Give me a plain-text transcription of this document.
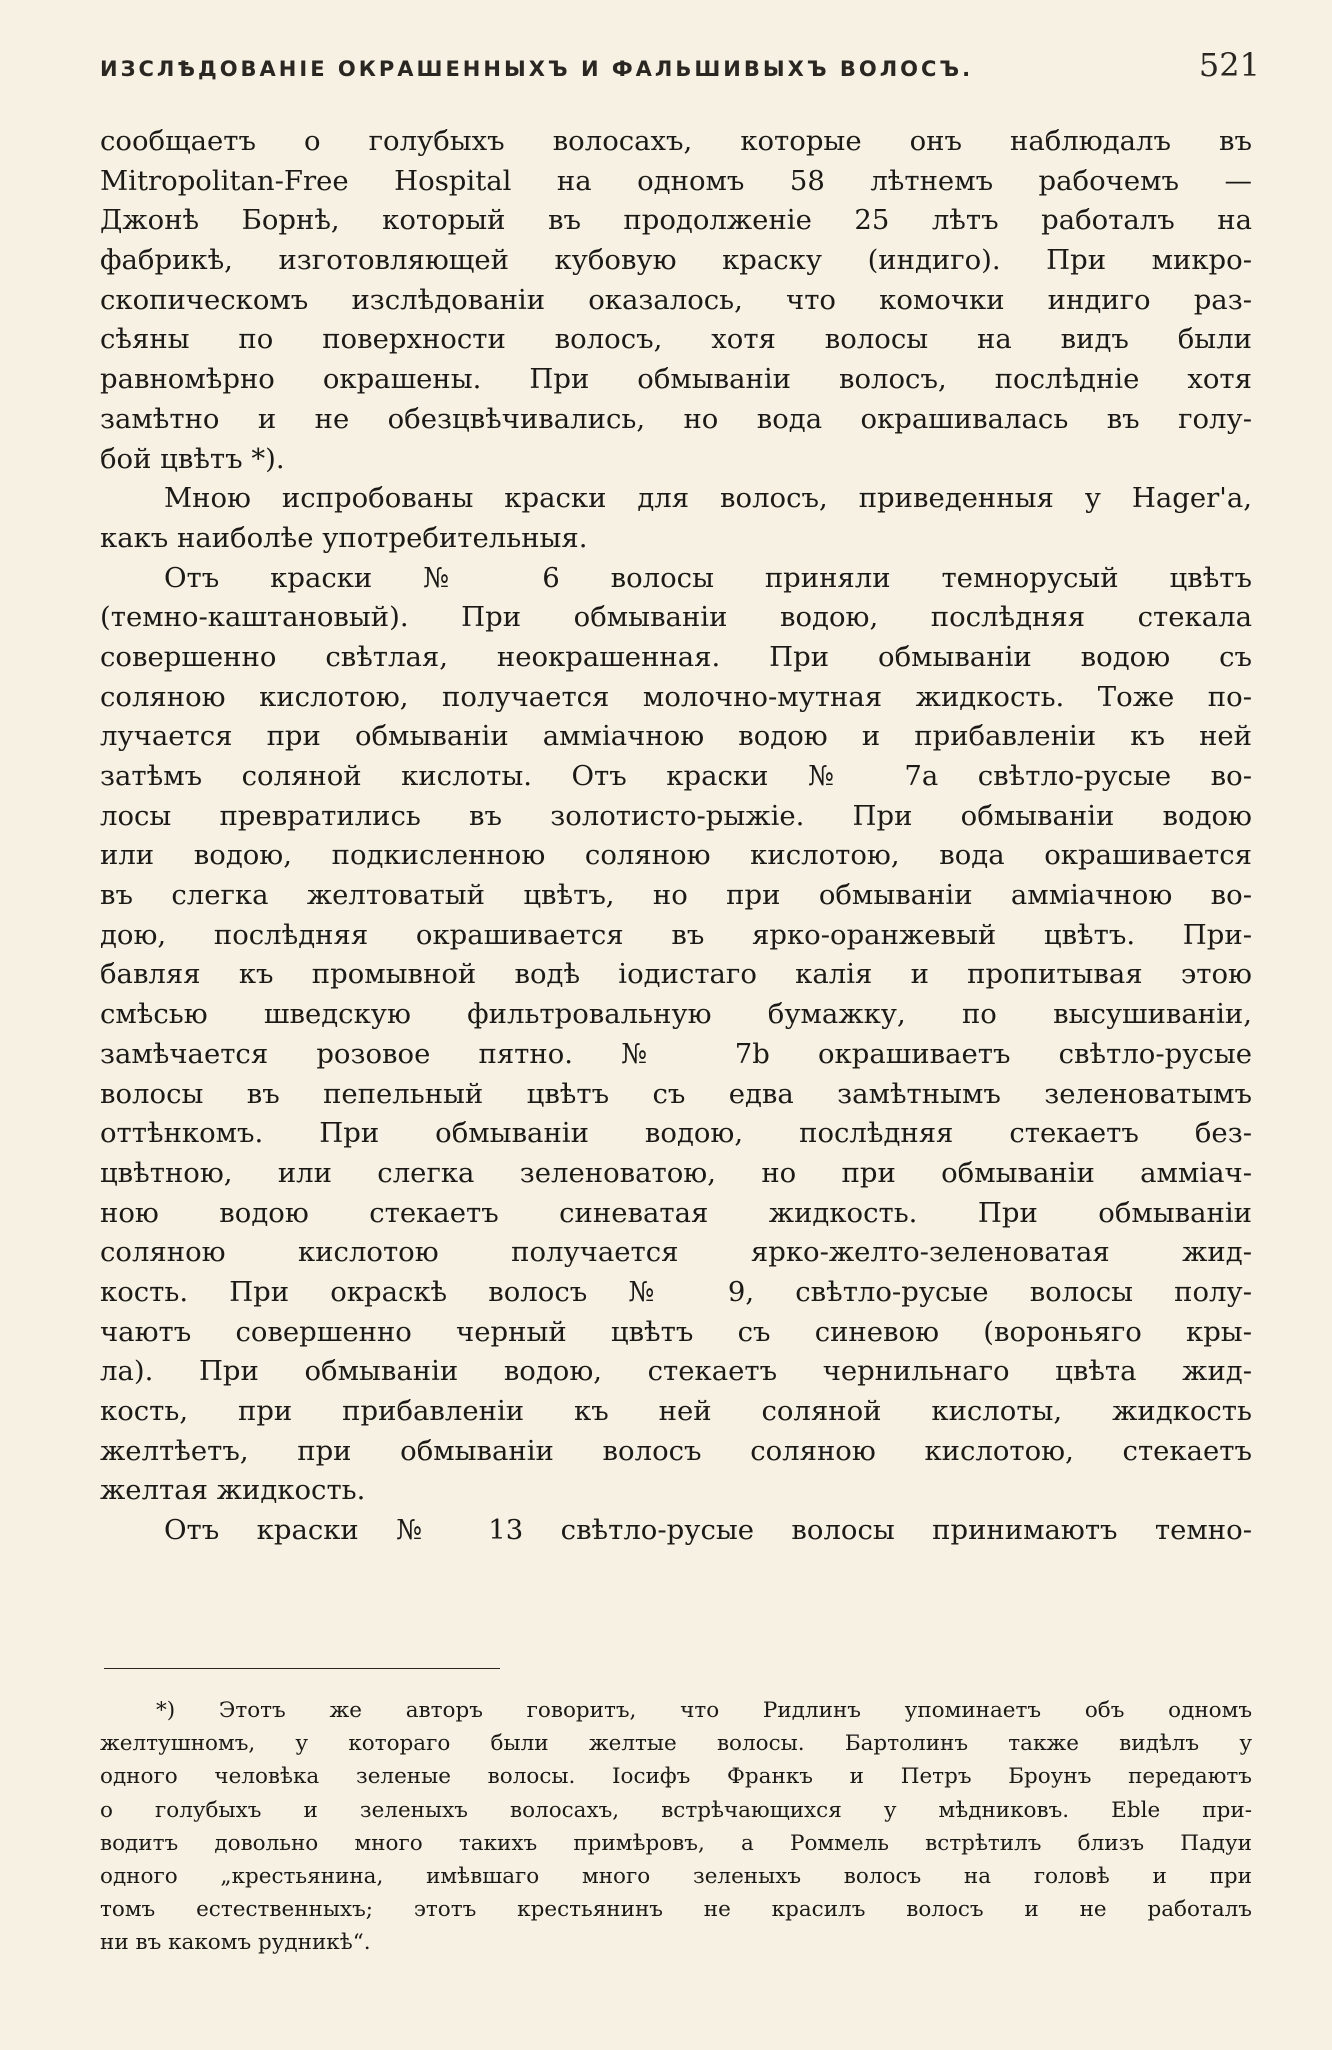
ИЗСЛѢДОВАНІЕ ОКРАШЕННЫХЪ И ФАЛЬШИВЫХЪ ВОЛОСЪ.	521
сообщаетъ о голубыхъ волосахъ, которые онъ наблюдалъ въ
Mitropolitan-Free Hospital на одномъ 58 лѣтнемъ рабочемъ —
Джонѣ Борнѣ, который въ продолженіе 25 лѣтъ работалъ на
фабрикѣ, изготовляющей кубовую краску (индиго). При микро-
скопическомъ изслѣдованіи оказалось, что комочки индиго раз-
сѣяны по поверхности волосъ, хотя волосы на видъ были
равномѣрно окрашены. При обмываніи волосъ, послѣдніе хотя
замѣтно и не обезцвѣчивались, но вода окрашивалась въ голу-
бой цвѣтъ *).
Мною испробованы краски для волосъ, приведенныя у Hager'а,
какъ наиболѣе употребительныя.
Отъ краски № 6 волосы приняли темнорусый цвѣтъ
(темно-каштановый). При обмываніи водою, послѣдняя стекала
совершенно свѣтлая, неокрашенная. При обмываніи водою съ
соляною кислотою, получается молочно-мутная жидкость. Тоже по-
лучается при обмываніи амміачною водою и прибавленіи къ ней
затѣмъ соляной кислоты. Отъ краски № 7а свѣтло-русые во-
лосы превратились въ золотисто-рыжіе. При обмываніи водою
или водою, подкисленною соляною кислотою, вода окрашивается
въ слегка желтоватый цвѣтъ, но при обмываніи амміачною во-
дою, послѣдняя окрашивается въ ярко-оранжевый цвѣтъ. При-
бавляя къ промывной водѣ іодистаго калія и пропитывая этою
смѣсью шведскую фильтровальную бумажку, по высушиваніи,
замѣчается розовое пятно. № 7b окрашиваетъ свѣтло-русые
волосы въ пепельный цвѣтъ съ едва замѣтнымъ зеленоватымъ
оттѣнкомъ. При обмываніи водою, послѣдняя стекаетъ без-
цвѣтною, или слегка зеленоватою, но при обмываніи амміач-
ною водою стекаетъ синеватая жидкость. При обмываніи
соляною кислотою получается ярко-желто-зеленоватая жид-
кость. При окраскѣ волосъ № 9, свѣтло-русые волосы полу-
чаютъ совершенно черный цвѣтъ съ синевою (вороньяго кры-
ла). При обмываніи водою, стекаетъ чернильнаго цвѣта жид-
кость, при прибавленіи къ ней соляной кислоты, жидкость
желтѣетъ, при обмываніи волосъ соляною кислотою, стекаетъ
желтая жидкость.
Отъ краски № 13 свѣтло-русые волосы принимаютъ темно-
*) Этотъ же авторъ говоритъ, что Ридлинъ упоминаетъ объ одномъ
желтушномъ, у котораго были желтые волосы. Бартолинъ также видѣлъ у
одного человѣка зеленые волосы. Іосифъ Франкъ и Петръ Броунъ передаютъ
о голубыхъ и зеленыхъ волосахъ, встрѣчающихся у мѣдниковъ. Eble при-
водитъ довольно много такихъ примѣровъ, а Роммель встрѣтилъ близъ Падуи
одного „крестьянина, имѣвшаго много зеленыхъ волосъ на головѣ и при
томъ естественныхъ; этотъ крестьянинъ не красилъ волосъ и не работалъ
ни въ какомъ рудникѣ“.
